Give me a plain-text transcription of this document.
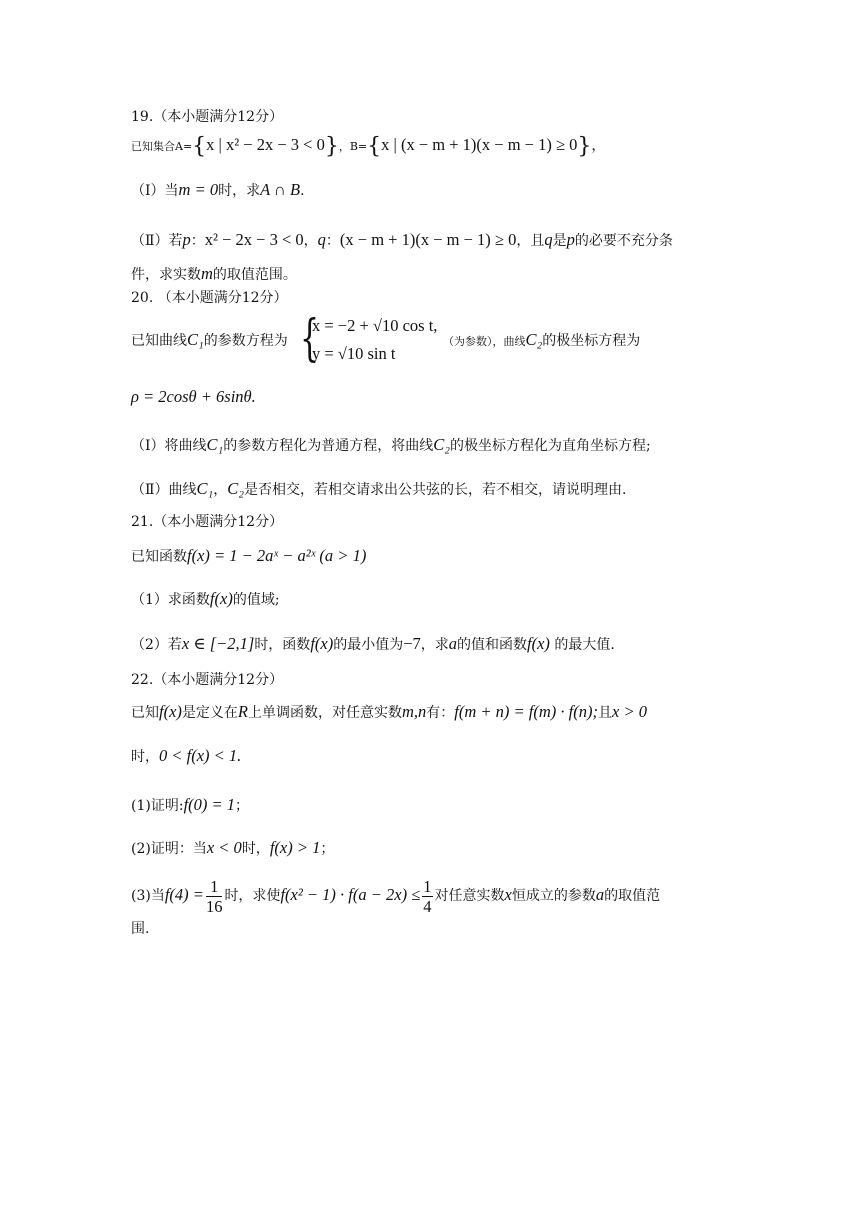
19.（本小题满分12分）
已知集合A={x | x² − 2x − 3 < 0}，B={x | (x − m + 1)(x − m − 1) ≥ 0}，
（Ⅰ）当m = 0时，求A ∩ B.
（Ⅱ）若p：x² − 2x − 3 < 0，q：(x − m + 1)(x − m − 1) ≥ 0，且q是p的必要不充分条
件，求实数m的取值范围。
20. （本小题满分12分）
已知曲线C₁的参数方程为 {
x = −2 + √10 cos t,
y = √10 sin t
（为参数），曲线C₂的极坐标方程为
ρ = 2cosθ + 6sinθ.
（Ⅰ）将曲线C₁的参数方程化为普通方程，将曲线C₂的极坐标方程化为直角坐标方程;
（Ⅱ）曲线C₁，C₂是否相交，若相交请求出公共弦的长，若不相交，请说明理由.
21.（本小题满分12分）
已知函数f(x) = 1 − 2aˣ − a²ˣ (a > 1)
（1）求函数f(x)的值域;
（2）若x ∈ [−2,1]时，函数f(x)的最小值为−7，求a的值和函数f(x) 的最大值.
22.（本小题满分12分）
已知f(x)是定义在R上单调函数，对任意实数m,n有：f(m + n) = f(m) · f(n);且x > 0
时，0 < f(x) < 1.
(1)证明:f(0) = 1；
(2)证明：当x < 0时，f(x) > 1；
(3)当$f(4) = \frac{1}{16}$ 时，求使$f(x^2 - 1) \cdot f(a - 2x) \le \frac{1}{4}$ 对任意实数x恒成立的参数a的取值范
围.
